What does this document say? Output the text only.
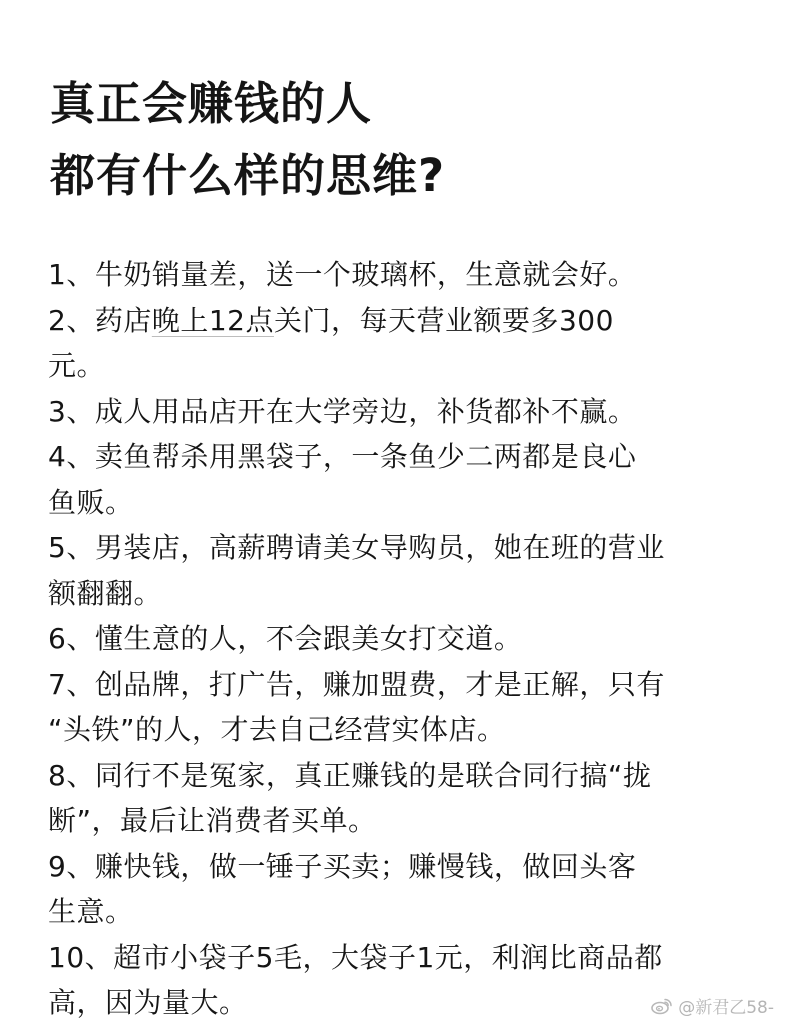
真正会赚钱的人
都有什么样的思维?
1、牛奶销量差，送一个玻璃杯，生意就会好。
2、药店晚上12点关门，每天营业额要多300
元。
3、成人用品店开在大学旁边，补货都补不赢。
4、卖鱼帮杀用黑袋子，一条鱼少二两都是良心
鱼贩。
5、男装店，高薪聘请美女导购员，她在班的营业
额翻翻。
6、懂生意的人，不会跟美女打交道。
7、创品牌，打广告，赚加盟费，才是正解，只有
“头铁”的人，才去自己经营实体店。
8、同行不是冤家，真正赚钱的是联合同行搞“拢
断”，最后让消费者买单。
9、赚快钱，做一锤子买卖；赚慢钱，做回头客
生意。
10、超市小袋子5毛，大袋子1元，利润比商品都
高，因为量大。	@新君乙58-
